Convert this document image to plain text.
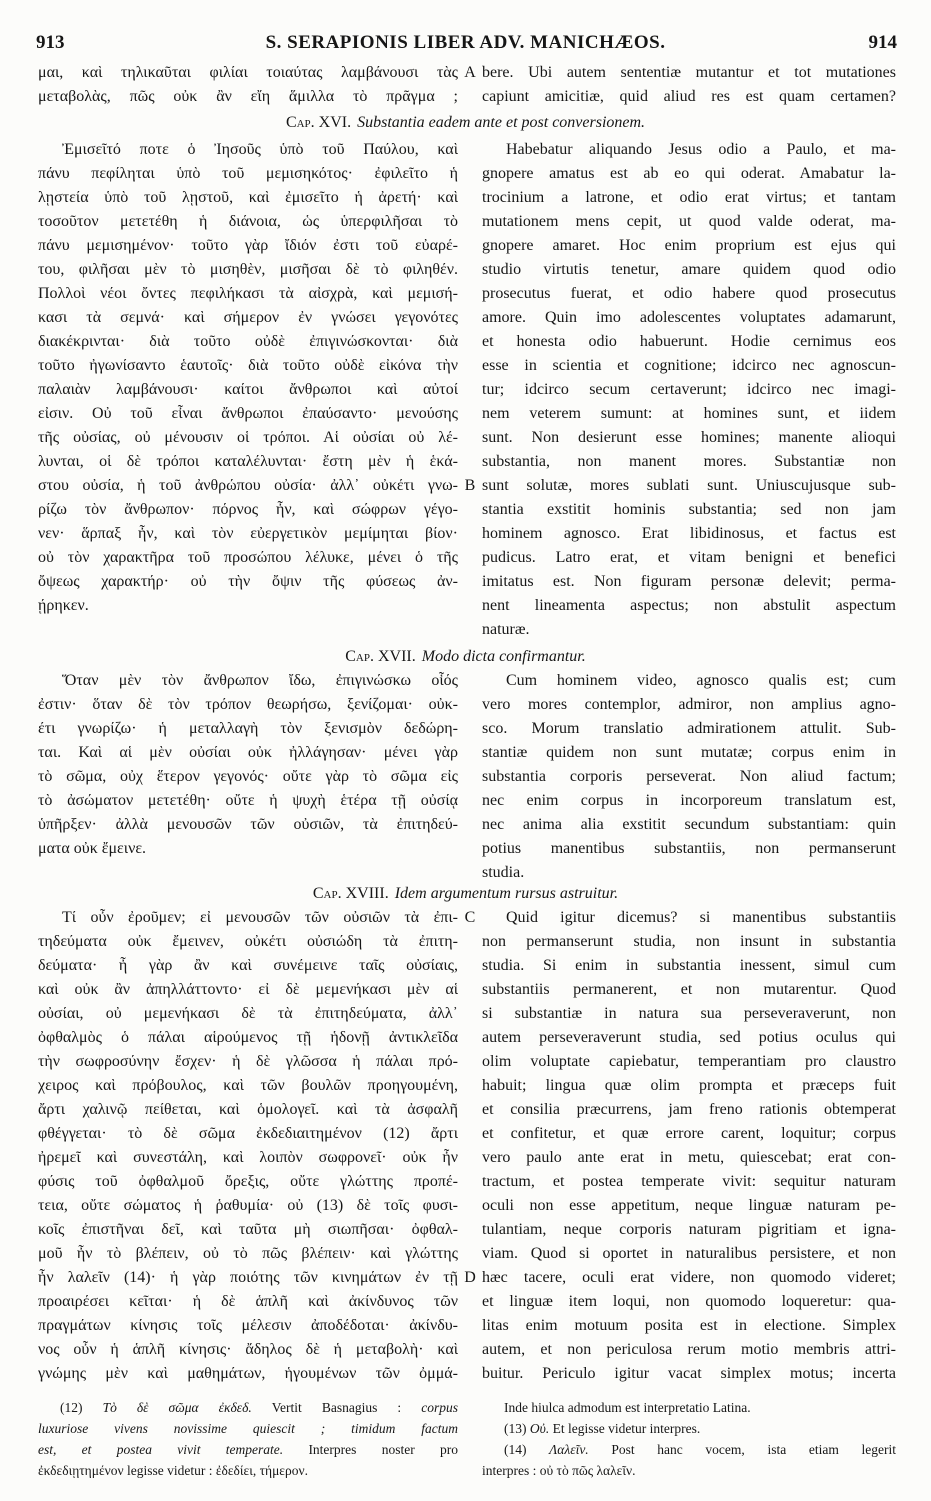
913	S. SERAPIONIS LIBER ADV. MANICHÆOS.	914
μαι, καὶ τηλικαῦται φιλίαι τοιαύτας λαμβάνουσι τὰς
μεταβολὰς, πῶς οὐκ ἂν εἴη ἅμιλλα τὸ πρᾶγμα ;
bere. Ubi autem sententiæ mutantur et tot mutationes
capiunt amicitiæ, quid aliud res est quam certamen?
Ἐμισεῖτό ποτε ὁ Ἰησοῦς ὑπὸ τοῦ Παύλου, καὶ
πάνυ πεφίληται ὑπὸ τοῦ μεμισηκότος· ἐφιλεῖτο ἡ
λῃστεία ὑπὸ τοῦ λῃστοῦ, καὶ ἐμισεῖτο ἡ ἀρετή· καὶ
τοσοῦτον μετετέθη ἡ διάνοια, ὡς ὑπερφιλῆσαι τὸ
πάνυ μεμισημένον· τοῦτο γὰρ ἴδιόν ἐστι τοῦ εὐαρέ-
του, φιλῆσαι μὲν τὸ μισηθὲν, μισῆσαι δὲ τὸ φιληθέν.
Πολλοὶ νέοι ὄντες πεφιλήκασι τὰ αἰσχρὰ, καὶ μεμισή-
κασι τὰ σεμνά· καὶ σήμερον ἐν γνώσει γεγονότες
διακέκρινται· διὰ τοῦτο οὐδὲ ἐπιγινώσκονται· διὰ
τοῦτο ἠγωνίσαντο ἑαυτοῖς· διὰ τοῦτο οὐδὲ εἰκόνα τὴν
παλαιὰν λαμβάνουσι· καίτοι ἄνθρωποι καὶ αὐτοί
εἰσιν. Οὐ τοῦ εἶναι ἄνθρωποι ἐπαύσαντο· μενούσης
τῆς οὐσίας, οὐ μένουσιν οἱ τρόποι. Αἱ οὐσίαι οὐ λέ-
λυνται, οἱ δὲ τρόποι καταλέλυνται· ἔστη μὲν ἡ ἑκά-
στου οὐσία, ἡ τοῦ ἀνθρώπου οὐσία· ἀλλ᾽ οὐκέτι γνω-
ρίζω τὸν ἄνθρωπον· πόρνος ἦν, καὶ σώφρων γέγο-
νεν· ἅρπαξ ἦν, καὶ τὸν εὐεργετικὸν μεμίμηται βίον·
οὐ τὸν χαρακτῆρα τοῦ προσώπου λέλυκε, μένει ὁ τῆς
ὄψεως χαρακτήρ· οὐ τὴν ὄψιν τῆς φύσεως ἀν-
ῄρηκεν.
Habebatur aliquando Jesus odio a Paulo, et ma-
gnopere amatus est ab eo qui oderat. Amabatur la-
trocinium a latrone, et odio erat virtus; et tantam
mutationem mens cepit, ut quod valde oderat, ma-
gnopere amaret. Hoc enim proprium est ejus qui
studio virtutis tenetur, amare quidem quod odio
prosecutus fuerat, et odio habere quod prosecutus
amore. Quin imo adolescentes voluptates adamarunt,
et honesta odio habuerunt. Hodie cernimus eos
esse in scientia et cognitione; idcirco nec agnoscun-
tur; idcirco secum certaverunt; idcirco nec imagi-
nem veterem sumunt: at homines sunt, et iidem
sunt. Non desierunt esse homines; manente alioqui
substantia, non manent mores. Substantiæ non
sunt solutæ, mores sublati sunt. Uniuscujusque sub-
stantia exstitit hominis substantia; sed non jam
hominem agnosco. Erat libidinosus, et factus est
pudicus. Latro erat, et vitam benigni et benefici
imitatus est. Non figuram personæ delevit; perma-
nent lineamenta aspectus; non abstulit aspectum
naturæ.
Ὅταν μὲν τὸν ἄνθρωπον ἴδω, ἐπιγινώσκω οἷός
ἐστιν· ὅταν δὲ τὸν τρόπον θεωρήσω, ξενίζομαι· οὐκ-
έτι γνωρίζω· ἡ μεταλλαγὴ τὸν ξενισμὸν δεδώρη-
ται. Καὶ αἱ μὲν οὐσίαι οὐκ ἠλλάγησαν· μένει γὰρ
τὸ σῶμα, οὐχ ἕτερον γεγονός· οὔτε γὰρ τὸ σῶμα εἰς
τὸ ἀσώματον μετετέθη· οὔτε ἡ ψυχὴ ἑτέρα τῇ οὐσίᾳ
ὑπῆρξεν· ἀλλὰ μενουσῶν τῶν οὐσιῶν, τὰ ἐπιτηδεύ-
ματα οὐκ ἔμεινε.
Cum hominem video, agnosco qualis est; cum
vero mores contemplor, admiror, non amplius agno-
sco. Morum translatio admirationem attulit. Sub-
stantiæ quidem non sunt mutatæ; corpus enim in
substantia corporis perseverat. Non aliud factum;
nec enim corpus in incorporeum translatum est,
nec anima alia exstitit secundum substantiam: quin
potius manentibus substantiis, non permanserunt
studia.
Τί οὖν ἐροῦμεν; εἰ μενουσῶν τῶν οὐσιῶν τὰ ἐπι-
τηδεύματα οὐκ ἔμεινεν, οὐκέτι οὐσιώδη τὰ ἐπιτη-
δεύματα· ἦ γὰρ ἂν καὶ συνέμεινε ταῖς οὐσίαις,
καὶ οὐκ ἂν ἀπηλλάττοντο· εἰ δὲ μεμενήκασι μὲν αἱ
οὐσίαι, οὐ μεμενήκασι δὲ τὰ ἐπιτηδεύματα, ἀλλ᾽
ὀφθαλμὸς ὁ πάλαι αἱρούμενος τῇ ἡδονῇ ἀντικλεῖδα
τὴν σωφροσύνην ἔσχεν· ἡ δὲ γλῶσσα ἡ πάλαι πρό-
χειρος καὶ πρόβουλος, καὶ τῶν βουλῶν προηγουμένη,
ἄρτι χαλινῷ πείθεται, καὶ ὁμολογεῖ. καὶ τὰ ἀσφαλῆ
φθέγγεται· τὸ δὲ σῶμα ἐκδεδιαιτημένον (12) ἄρτι
ἠρεμεῖ καὶ συνεστάλη, καὶ λοιπὸν σωφρονεῖ· οὐκ ἦν
φύσις τοῦ ὀφθαλμοῦ ὄρεξις, οὔτε γλώττης προπέ-
τεια, οὔτε σώματος ἡ ῥαθυμία· οὐ (13) δὲ τοῖς φυσι-
κοῖς ἐπιστῆναι δεῖ, καὶ ταῦτα μὴ σιωπῆσαι· ὀφθαλ-
μοῦ ἦν τὸ βλέπειν, οὐ τὸ πῶς βλέπειν· καὶ γλώττης
ἦν λαλεῖν (14)· ἡ γὰρ ποιότης τῶν κινημάτων ἐν τῇ
προαιρέσει κεῖται· ἡ δὲ ἁπλῆ καὶ ἀκίνδυνος τῶν
πραγμάτων κίνησις τοῖς μέλεσιν ἀποδέδοται· ἀκίνδυ-
νος οὖν ἡ ἁπλῆ κίνησις· ἄδηλος δὲ ἡ μεταβολὴ· καὶ
γνώμης μὲν καὶ μαθημάτων, ἡγουμένων τῶν ὀμμά-
Quid igitur dicemus? si manentibus substantiis
non permanserunt studia, non insunt in substantia
studia. Si enim in substantia inessent, simul cum
substantiis permanerent, et non mutarentur. Quod
si substantiæ in natura sua perseveraverunt, non
autem perseveraverunt studia, sed potius oculus qui
olim voluptate capiebatur, temperantiam pro claustro
habuit; lingua quæ olim prompta et præceps fuit
et consilia præcurrens, jam freno rationis obtemperat
et confitetur, et quæ errore carent, loquitur; corpus
vero paulo ante erat in metu, quiescebat; erat con-
tractum, et postea temperate vivit: sequitur naturam
oculi non esse appetitum, neque linguæ naturam pe-
tulantiam, neque corporis naturam pigritiam et igna-
viam. Quod si oportet in naturalibus persistere, et non
hæc tacere, oculi erat videre, non quomodo videret;
et linguæ item loqui, non quomodo loqueretur: qua-
litas enim motuum posita est in electione. Simplex
autem, et non periculosa rerum motio membris attri-
buitur. Periculo igitur vacat simplex motus; incerta
Cap. XVI. Substantia eadem ante et post conversionem.
Cap. XVII. Modo dicta confirmantur.
Cap. XVIII. Idem argumentum rursus astruitur.
A
B
C
D
(12) Τὸ δὲ σῶμα ἐκδεδ. Vertit Basnagius : corpus
luxuriose vivens novissime quiescit ; timidum factum
est, et postea vivit temperate. Interpres noster pro
ἐκδεδιῃτημένον legisse videtur : ἐδεδίει, τήμερον.
Inde hiulca admodum est interpretatio Latina.
(13) Οὐ. Et legisse videtur interpres.
(14) Λαλεῖν. Post hanc vocem, ista etiam legerit
interpres : οὐ τὸ πῶς λαλεῖν.
